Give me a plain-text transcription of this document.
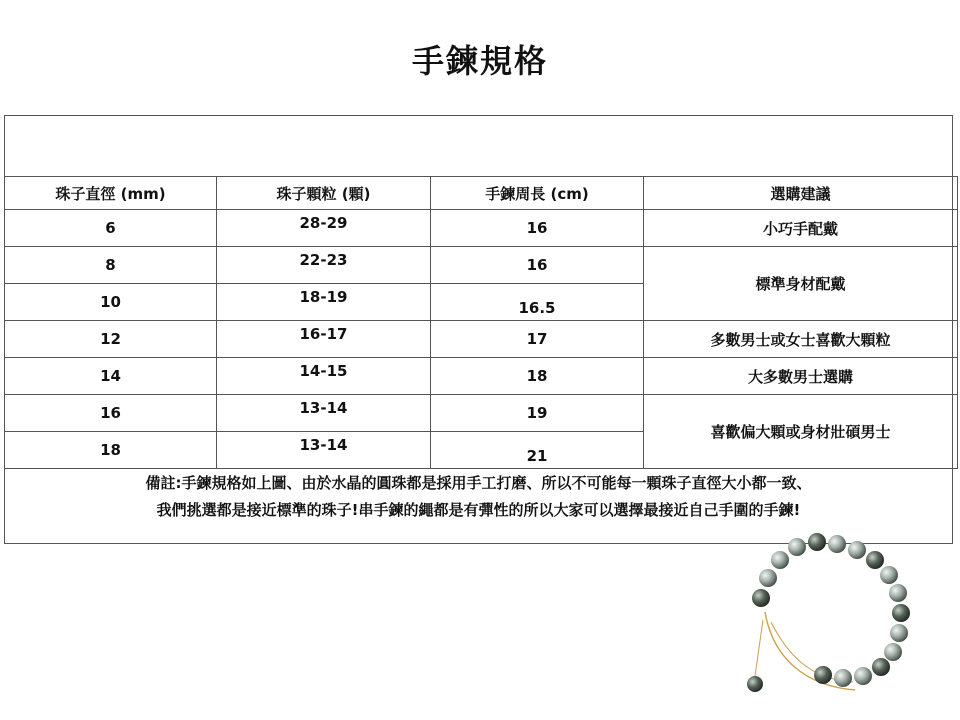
手鍊規格
珠子直徑 (mm)	珠子顆粒 (顆)	手鍊周長 (cm)	選購建議
6	28-29	16	小巧手配戴
8	22-23	16	標準身材配戴
10	18-19	16.5	
12	16-17	17	多數男士或女士喜歡大顆粒
14	14-15	18	大多數男士選購
16	13-14	19	喜歡偏大顆或身材壯碩男士
18	13-14	21	
備註:手鍊規格如上圖、由於水晶的圓珠都是採用手工打磨、所以不可能每一顆珠子直徑大小都一致、
我們挑選都是接近標準的珠子!串手鍊的繩都是有彈性的所以大家可以選擇最接近自己手圍的手鍊!
